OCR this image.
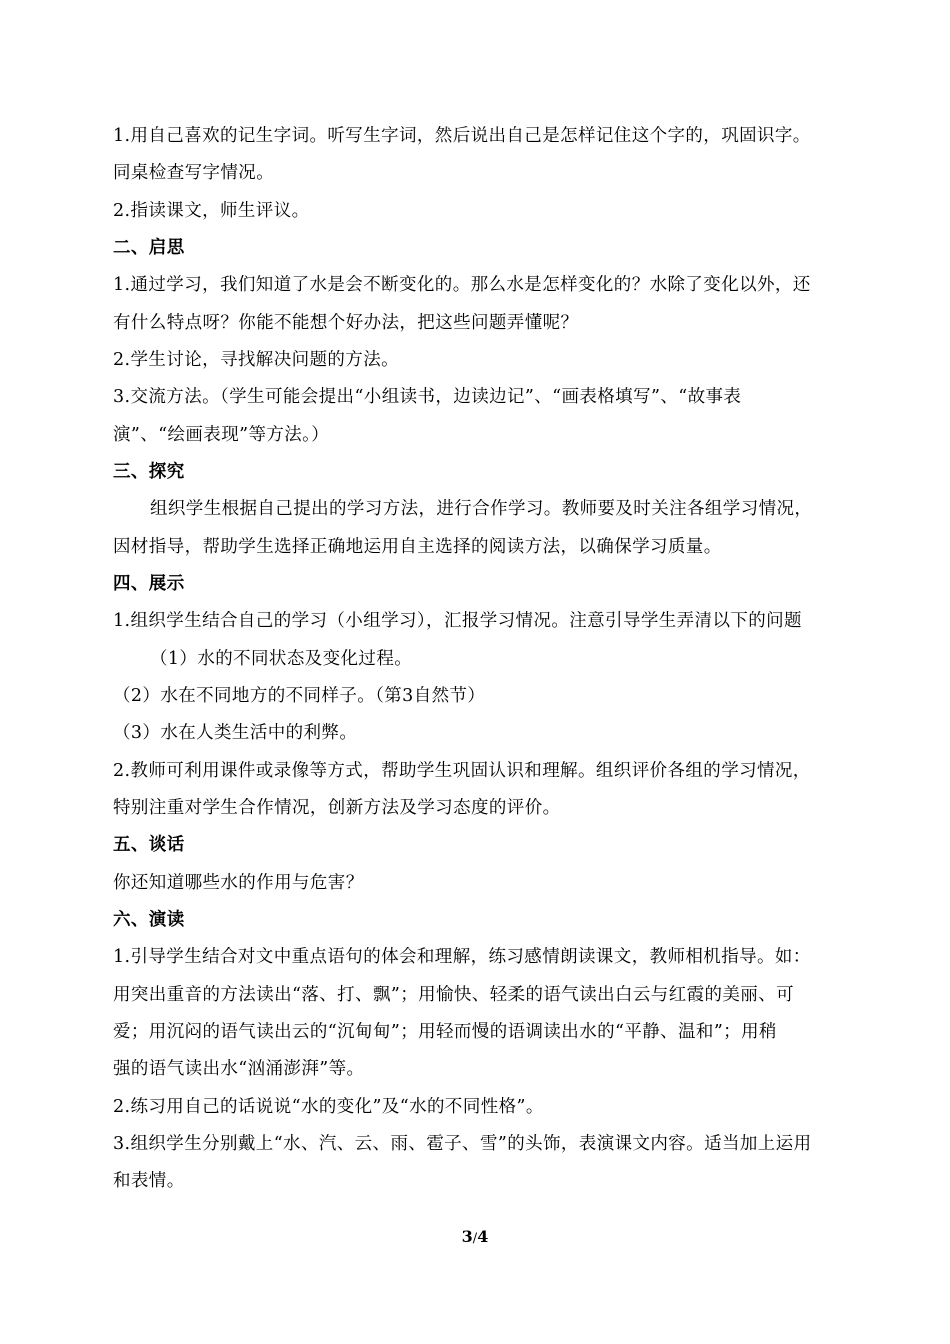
1.用自己喜欢的记生字词。听写生字词，然后说出自己是怎样记住这个字的，巩固识字。
同桌检查写字情况。
2.指读课文，师生评议。
二、启思
1.通过学习，我们知道了水是会不断变化的。那么水是怎样变化的？水除了变化以外，还
有什么特点呀？你能不能想个好办法，把这些问题弄懂呢？
2.学生讨论，寻找解决问题的方法。
3.交流方法。（学生可能会提出“小组读书，边读边记”、“画表格填写”、“故事表
演”、“绘画表现”等方法。）
三、探究
组织学生根据自己提出的学习方法，进行合作学习。教师要及时关注各组学习情况，
因材指导，帮助学生选择正确地运用自主选择的阅读方法，以确保学习质量。
四、展示
1.组织学生结合自己的学习（小组学习），汇报学习情况。注意引导学生弄清以下的问题
（1）水的不同状态及变化过程。
（2）水在不同地方的不同样子。（第3自然节）
（3）水在人类生活中的利弊。
2.教师可利用课件或录像等方式，帮助学生巩固认识和理解。组织评价各组的学习情况，
特别注重对学生合作情况，创新方法及学习态度的评价。
五、谈话
你还知道哪些水的作用与危害？
六、演读
1.引导学生结合对文中重点语句的体会和理解，练习感情朗读课文，教师相机指导。如：
用突出重音的方法读出“落、打、飘”；用愉快、轻柔的语气读出白云与红霞的美丽、可
爱；用沉闷的语气读出云的“沉甸甸”；用轻而慢的语调读出水的“平静、温和”；用稍
强的语气读出水“汹涌澎湃”等。
2.练习用自己的话说说“水的变化”及“水的不同性格”。
3.组织学生分别戴上“水、汽、云、雨、雹子、雪”的头饰，表演课文内容。适当加上运用
和表情。
3/4
